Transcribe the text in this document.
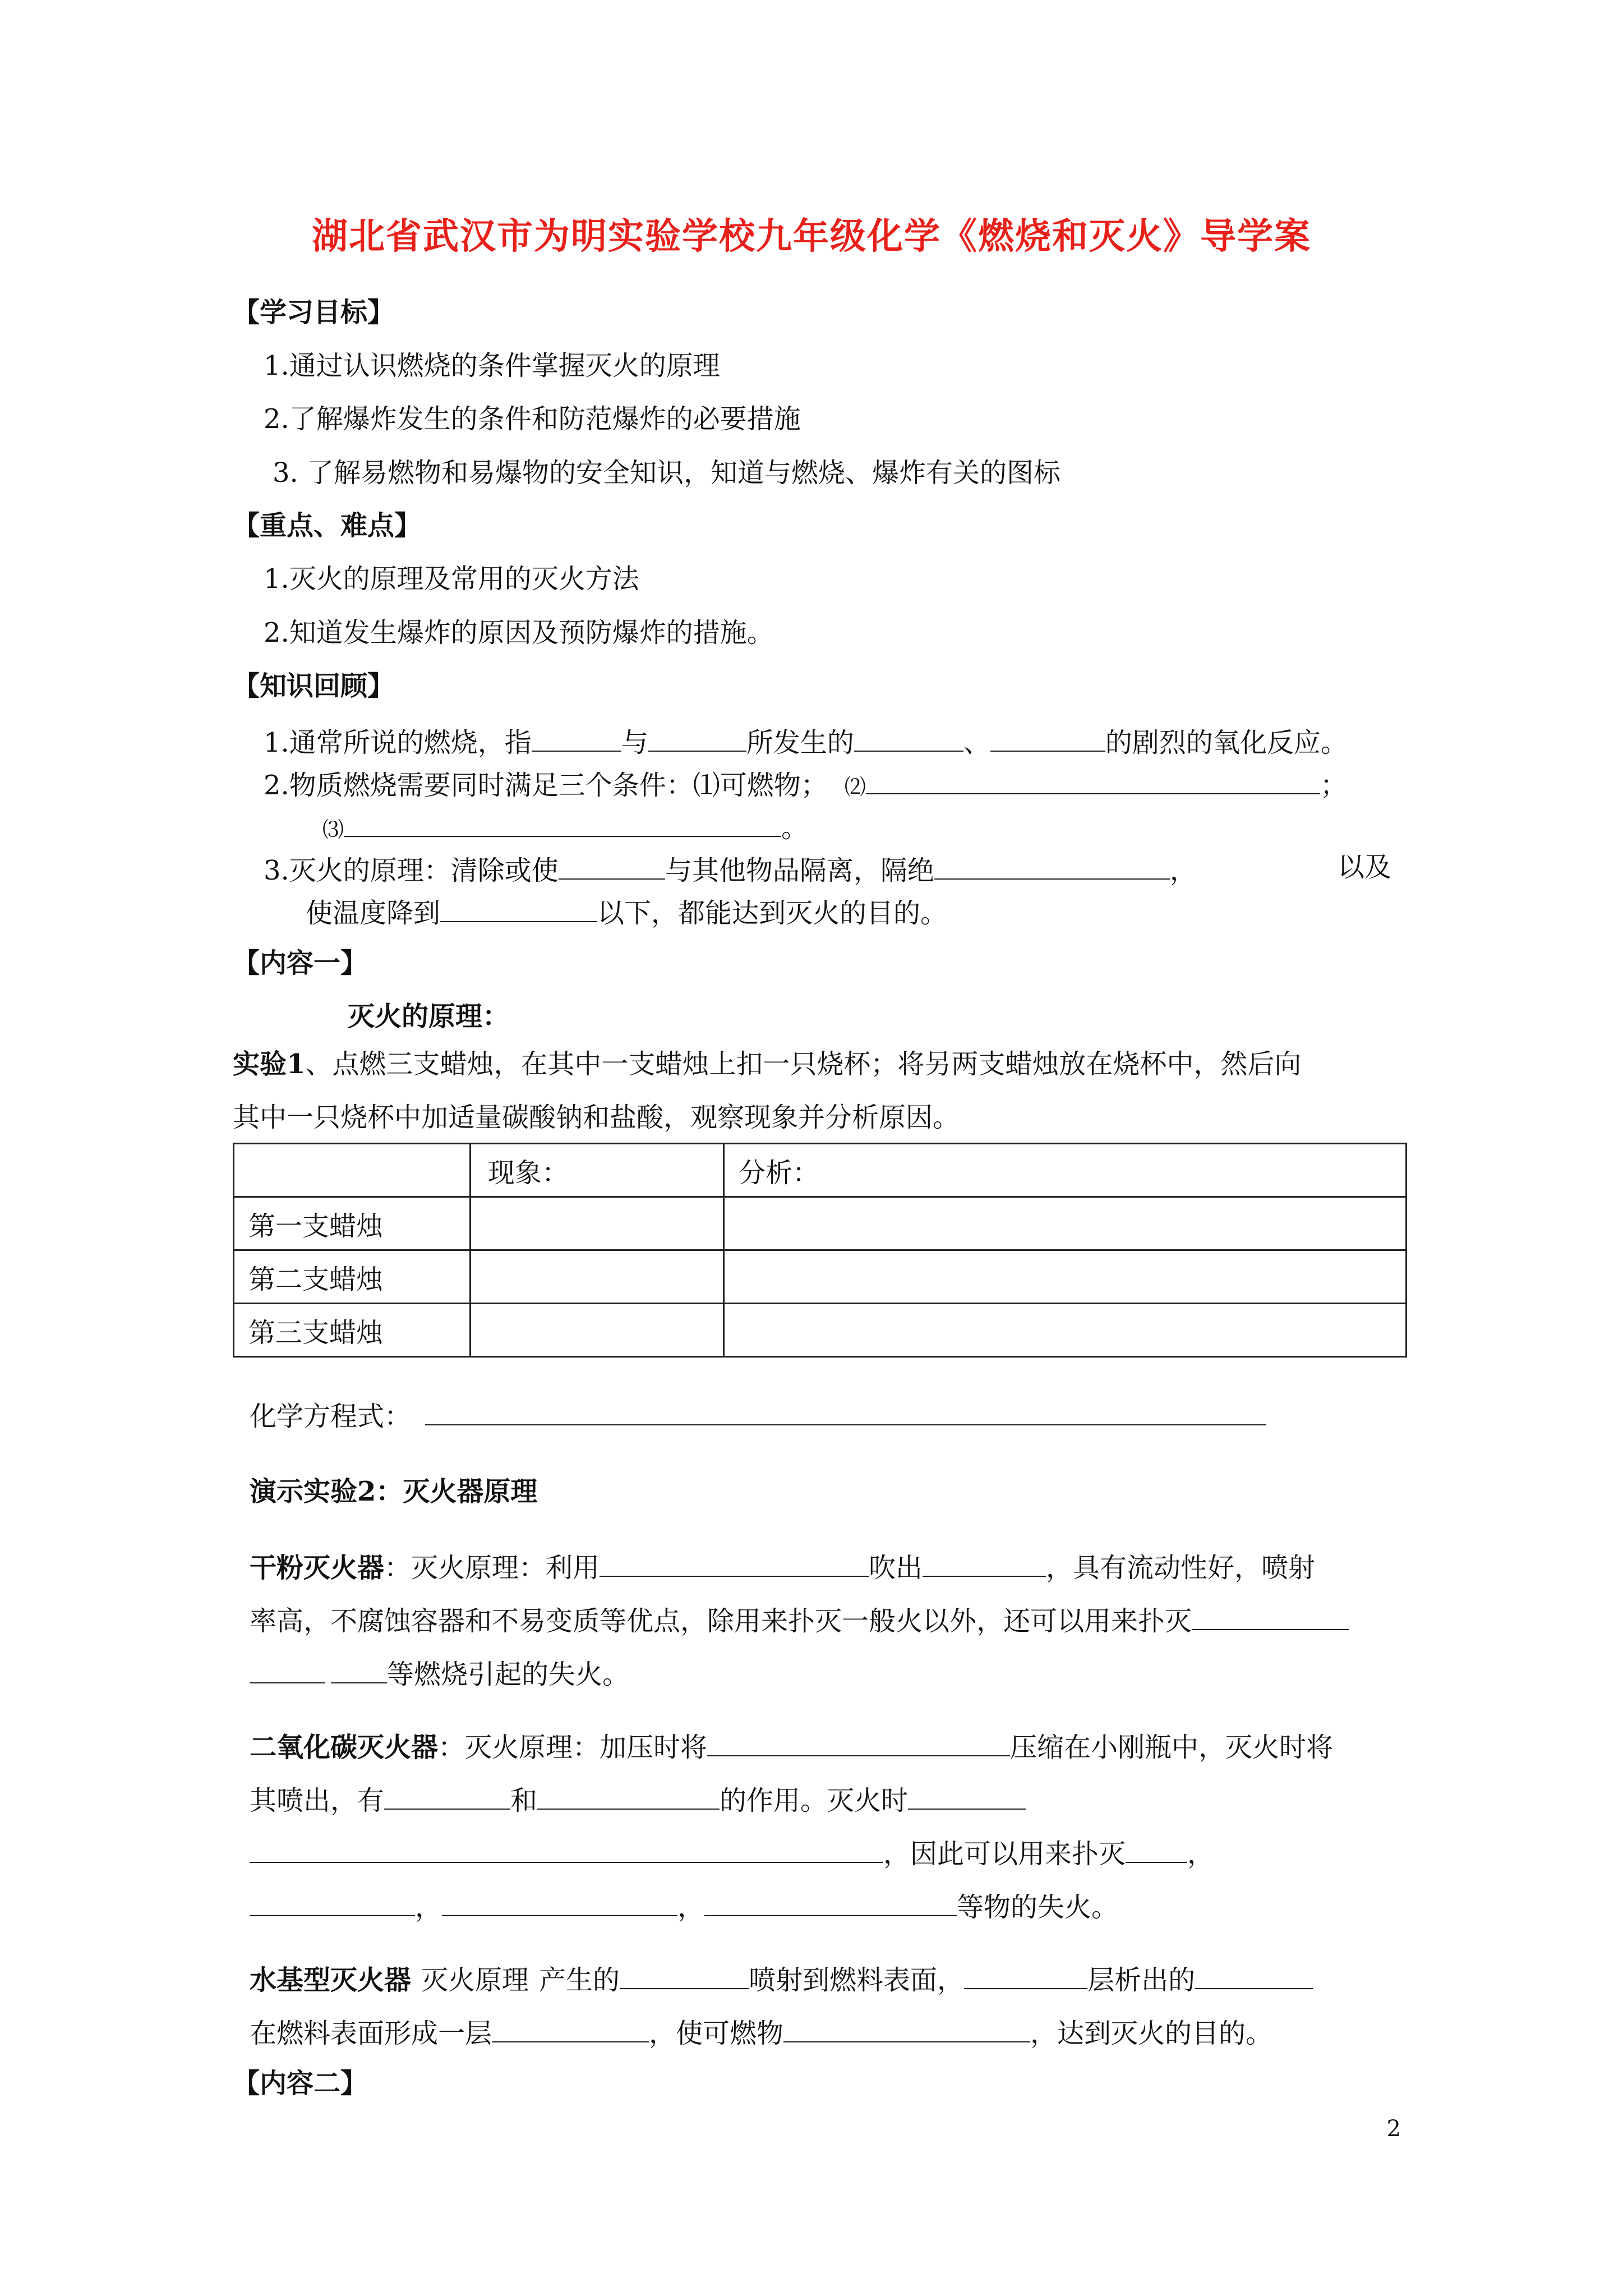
湖北省武汉市为明实验学校九年级化学《燃烧和灭火》导学案
【学习目标】
1.通过认识燃烧的条件掌握灭火的原理
2.了解爆炸发生的条件和防范爆炸的必要措施
3. 了解易燃物和易爆物的安全知识，知道与燃烧、爆炸有关的图标
【重点、难点】
1.灭火的原理及常用的灭火方法
2.知道发生爆炸的原因及预防爆炸的措施。
【知识回顾】
1.通常所说的燃烧，指	与	所发生的	、	的剧烈的氧化反应。
2.物质燃烧需要同时满足三个条件：⑴可燃物； ⑵	；
⑶	。
3.灭火的原理：清除或使	与其他物品隔离，隔绝	，	以及
使温度降到	以下，都能达到灭火的目的。
【内容一】
灭火的原理：
实验1、点燃三支蜡烛，在其中一支蜡烛上扣一只烧杯；将另两支蜡烛放在烧杯中，然后向
其中一只烧杯中加适量碳酸钠和盐酸，观察现象并分析原因。
	现象：	分析：
第一支蜡烛		
第二支蜡烛		
第三支蜡烛		
化学方程式：
演示实验2：灭火器原理
干粉灭火器：灭火原理：利用	吹出	，具有流动性好，喷射
率高，不腐蚀容器和不易变质等优点，除用来扑灭一般火以外，还可以用来扑灭
等燃烧引起的失火。
二氧化碳灭火器：灭火原理：加压时将	压缩在小刚瓶中，灭火时将
其喷出，有	和	的作用。灭火时
，因此可以用来扑灭 ，
，	，	等物的失火。
水基型灭火器 灭火原理 产生的	喷射到燃料表面，	层析出的
在燃料表面形成一层	，使可燃物	，达到灭火的目的。
【内容二】
2
